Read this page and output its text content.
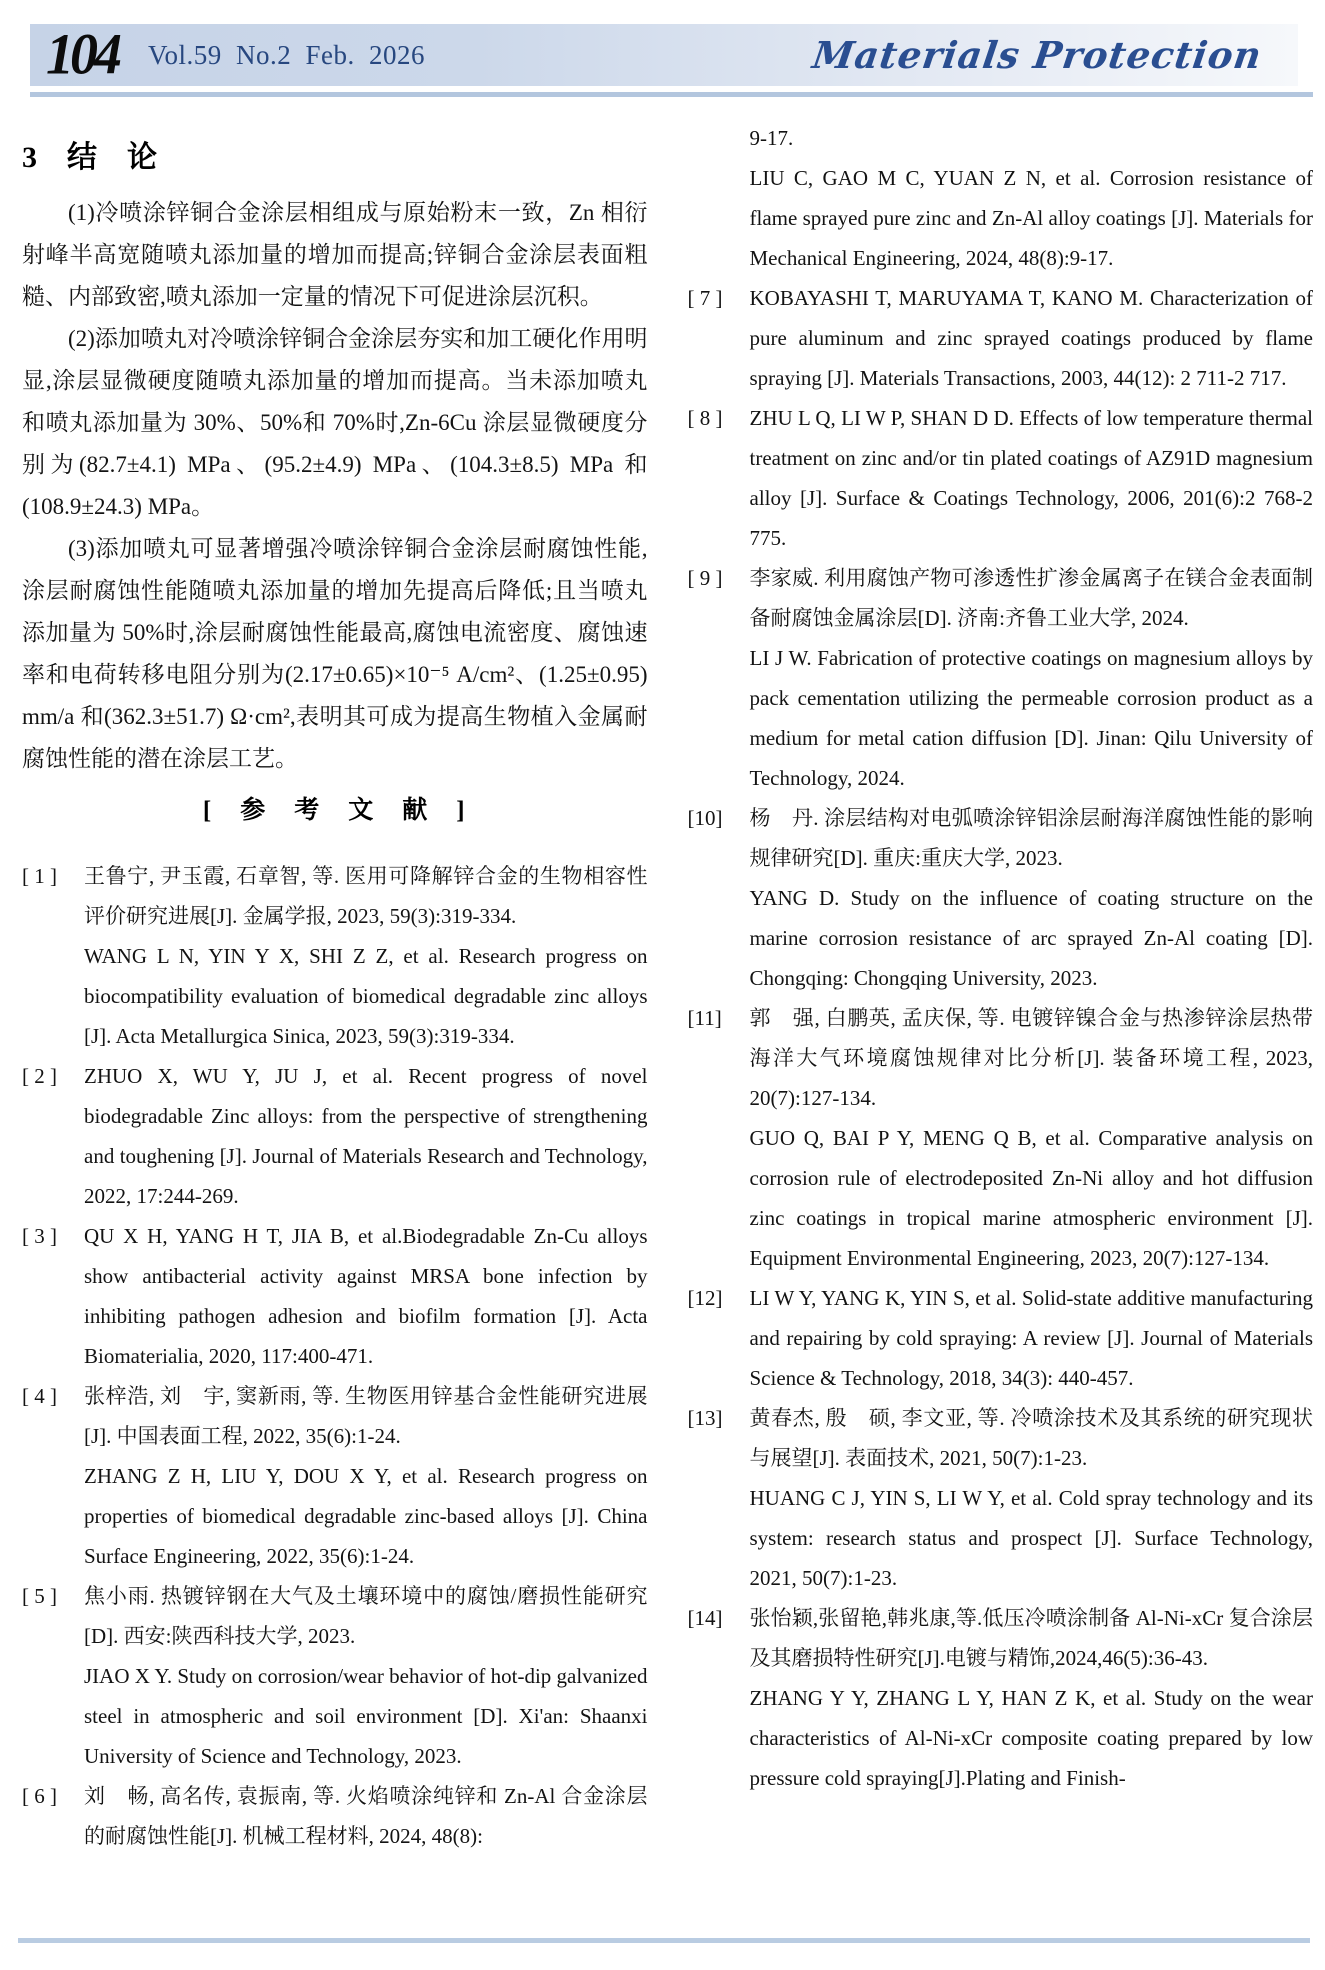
104 Vol.59 No.2 Feb. 2026	Materials Protection
3　结　论

(1)冷喷涂锌铜合金涂层相组成与原始粉末一致，Zn 相衍射峰半高宽随喷丸添加量的增加而提高;锌铜合金涂层表面粗糙、内部致密,喷丸添加一定量的情况下可促进涂层沉积。

(2)添加喷丸对冷喷涂锌铜合金涂层夯实和加工硬化作用明显,涂层显微硬度随喷丸添加量的增加而提高。当未添加喷丸和喷丸添加量为 30%、50%和 70%时,Zn-6Cu 涂层显微硬度分别为(82.7±4.1) MPa、(95.2±4.9) MPa、(104.3±8.5) MPa 和(108.9±24.3) MPa。

(3)添加喷丸可显著增强冷喷涂锌铜合金涂层耐腐蚀性能,涂层耐腐蚀性能随喷丸添加量的增加先提高后降低;且当喷丸添加量为 50%时,涂层耐腐蚀性能最高,腐蚀电流密度、腐蚀速率和电荷转移电阻分别为(2.17±0.65)×10⁻⁵ A/cm²、(1.25±0.95) mm/a 和(362.3±51.7) Ω·cm²,表明其可成为提高生物植入金属耐腐蚀性能的潜在涂层工艺。

[　参　考　文　献　]
[ 1 ]	王鲁宁, 尹玉霞, 石章智, 等. 医用可降解锌合金的生物相容性评价研究进展[J]. 金属学报, 2023, 59(3):319-334.

WANG L N, YIN Y X, SHI Z Z, et al. Research progress on biocompatibility evaluation of biomedical degradable zinc alloys [J]. Acta Metallurgica Sinica, 2023, 59(3):319-334.

[ 2 ]	ZHUO X, WU Y, JU J, et al. Recent progress of novel biodegradable Zinc alloys: from the perspective of strengthening and toughening [J]. Journal of Materials Research and Technology, 2022, 17:244-269.

[ 3 ]	QU X H, YANG H T, JIA B, et al.Biodegradable Zn-Cu alloys show antibacterial activity against MRSA bone infection by inhibiting pathogen adhesion and biofilm formation [J]. Acta Biomaterialia, 2020, 117:400-471.

[ 4 ]	张梓浩, 刘　宇, 窦新雨, 等. 生物医用锌基合金性能研究进展[J]. 中国表面工程, 2022, 35(6):1-24.

ZHANG Z H, LIU Y, DOU X Y, et al. Research progress on properties of biomedical degradable zinc-based alloys [J]. China Surface Engineering, 2022, 35(6):1-24.

[ 5 ]	焦小雨. 热镀锌钢在大气及土壤环境中的腐蚀/磨损性能研究[D]. 西安:陕西科技大学, 2023.

JIAO X Y. Study on corrosion/wear behavior of hot-dip galvanized steel in atmospheric and soil environment [D]. Xi'an: Shaanxi University of Science and Technology, 2023.

[ 6 ]	刘　畅, 高名传, 袁振南, 等. 火焰喷涂纯锌和 Zn-Al 合金涂层的耐腐蚀性能[J]. 机械工程材料, 2024, 48(8):

9-17.

LIU C, GAO M C, YUAN Z N, et al. Corrosion resistance of flame sprayed pure zinc and Zn-Al alloy coatings [J]. Materials for Mechanical Engineering, 2024, 48(8):9-17.

[ 7 ]	KOBAYASHI T, MARUYAMA T, KANO M. Characterization of pure aluminum and zinc sprayed coatings produced by flame spraying [J]. Materials Transactions, 2003, 44(12): 2 711-2 717.

[ 8 ]	ZHU L Q, LI W P, SHAN D D. Effects of low temperature thermal treatment on zinc and/or tin plated coatings of AZ91D magnesium alloy [J]. Surface & Coatings Technology, 2006, 201(6):2 768-2 775.

[ 9 ]	李家威. 利用腐蚀产物可渗透性扩渗金属离子在镁合金表面制备耐腐蚀金属涂层[D]. 济南:齐鲁工业大学, 2024.

LI J W. Fabrication of protective coatings on magnesium alloys by pack cementation utilizing the permeable corrosion product as a medium for metal cation diffusion [D]. Jinan: Qilu University of Technology, 2024.

[10]	杨　丹. 涂层结构对电弧喷涂锌铝涂层耐海洋腐蚀性能的影响规律研究[D]. 重庆:重庆大学, 2023.

YANG D. Study on the influence of coating structure on the marine corrosion resistance of arc sprayed Zn-Al coating [D]. Chongqing: Chongqing University, 2023.

[11]	郭　强, 白鹏英, 孟庆保, 等. 电镀锌镍合金与热渗锌涂层热带海洋大气环境腐蚀规律对比分析[J]. 装备环境工程, 2023, 20(7):127-134.

GUO Q, BAI P Y, MENG Q B, et al. Comparative analysis on corrosion rule of electrodeposited Zn-Ni alloy and hot diffusion zinc coatings in tropical marine atmospheric environment [J]. Equipment Environmental Engineering, 2023, 20(7):127-134.

[12]	LI W Y, YANG K, YIN S, et al. Solid-state additive manufacturing and repairing by cold spraying: A review [J]. Journal of Materials Science & Technology, 2018, 34(3): 440-457.

[13]	黄春杰, 殷　硕, 李文亚, 等. 冷喷涂技术及其系统的研究现状与展望[J]. 表面技术, 2021, 50(7):1-23.

HUANG C J, YIN S, LI W Y, et al. Cold spray technology and its system: research status and prospect [J]. Surface Technology, 2021, 50(7):1-23.

[14]	张怡颖,张留艳,韩兆康,等.低压冷喷涂制备 Al-Ni-xCr 复合涂层及其磨损特性研究[J].电镀与精饰,2024,46(5):36-43.

ZHANG Y Y, ZHANG L Y, HAN Z K, et al. Study on the wear characteristics of Al-Ni-xCr composite coating prepared by low pressure cold spraying[J].Plating and Finish-
